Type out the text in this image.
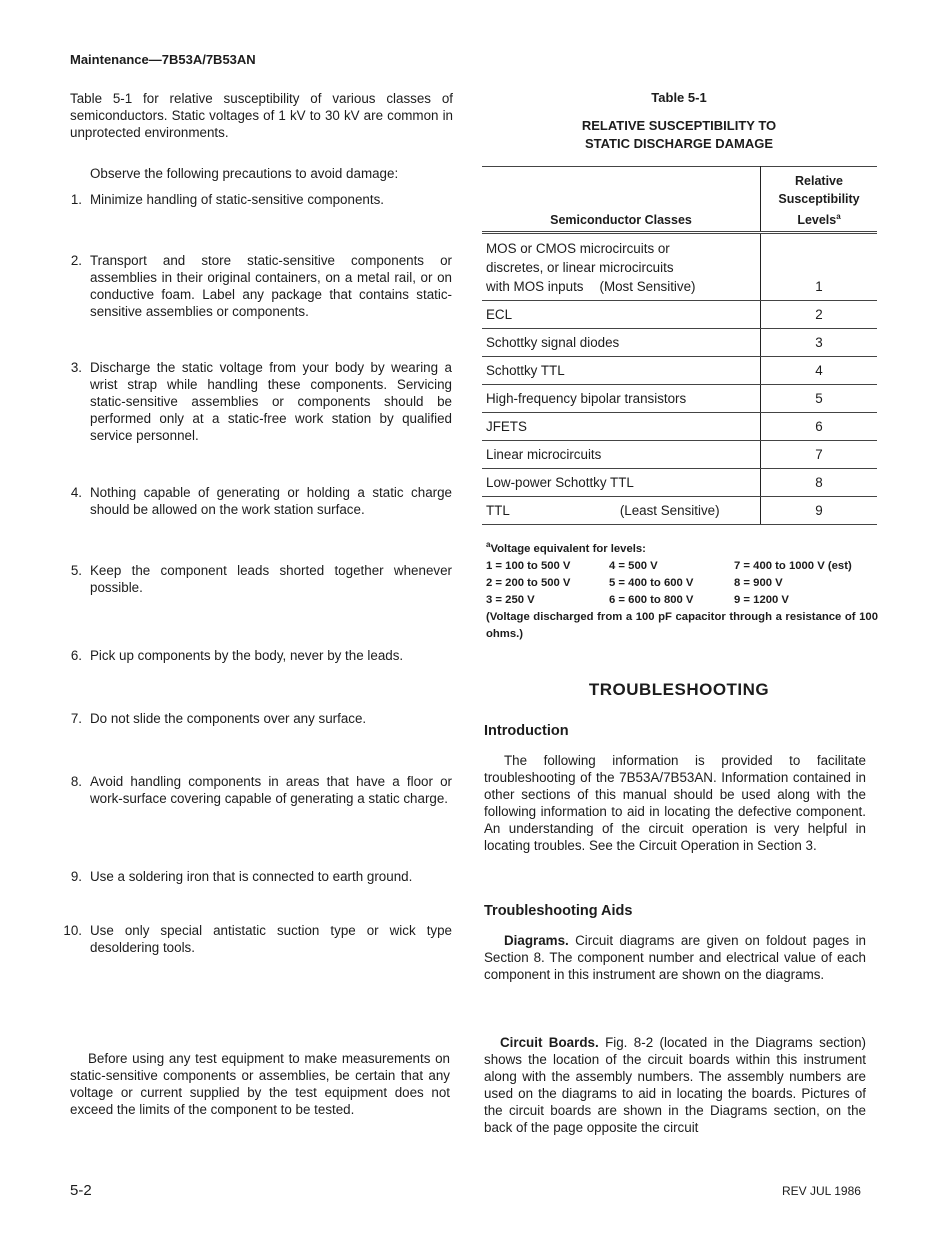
Maintenance—7B53A/7B53AN
Table 5-1 for relative susceptibility of various classes of semiconductors. Static voltages of 1 kV to 30 kV are common in unprotected environments.
Observe the following precautions to avoid damage:
1. Minimize handling of static-sensitive components.
2. Transport and store static-sensitive components or assemblies in their original containers, on a metal rail, or on conductive foam. Label any package that contains static-sensitive assemblies or components.
3. Discharge the static voltage from your body by wearing a wrist strap while handling these components. Servicing static-sensitive assemblies or components should be performed only at a static-free work station by qualified service personnel.
4. Nothing capable of generating or holding a static charge should be allowed on the work station surface.
5. Keep the component leads shorted together whenever possible.
6. Pick up components by the body, never by the leads.
7. Do not slide the components over any surface.
8. Avoid handling components in areas that have a floor or work-surface covering capable of generating a static charge.
9. Use a soldering iron that is connected to earth ground.
10. Use only special antistatic suction type or wick type desoldering tools.
Before using any test equipment to make measurements on static-sensitive components or assemblies, be certain that any voltage or current supplied by the test equipment does not exceed the limits of the component to be tested.
Table 5-1
RELATIVE SUSCEPTIBILITY TO
STATIC DISCHARGE DAMAGE
Semiconductor Classes	Relative
Susceptibility
Levels$^a$

MOS or CMOS microcircuits or
discretes, or linear microcircuits
with MOS inputs (Most Sensitive)	1
ECL	2
Schottky signal diodes	3
Schottky TTL	4
High-frequency bipolar transistors	5
JFETS	6
Linear microcircuits	7
Low-power Schottky TTL	8
TTL (Least Sensitive)	9
$^a$Voltage equivalent for levels:
1 = 100 to 500 V	4 = 500 V	7 = 400 to 1000 V (est)
2 = 200 to 500 V	5 = 400 to 600 V	8 = 900 V
3 = 250 V	6 = 600 to 800 V	9 = 1200 V
(Voltage discharged from a 100 pF capacitor through a resistance of 100 ohms.)
TROUBLESHOOTING
Introduction
The following information is provided to facilitate troubleshooting of the 7B53A/7B53AN. Information contained in other sections of this manual should be used along with the following information to aid in locating the defective component. An understanding of the circuit operation is very helpful in locating troubles. See the Circuit Operation in Section 3.
Troubleshooting Aids
Diagrams. Circuit diagrams are given on foldout pages in Section 8. The component number and electrical value of each component in this instrument are shown on the diagrams.
Circuit Boards. Fig. 8-2 (located in the Diagrams section) shows the location of the circuit boards within this instrument along with the assembly numbers. The assembly numbers are used on the diagrams to aid in locating the boards. Pictures of the circuit boards are shown in the Diagrams section, on the back of the page opposite the circuit
5-2	REV JUL 1986
